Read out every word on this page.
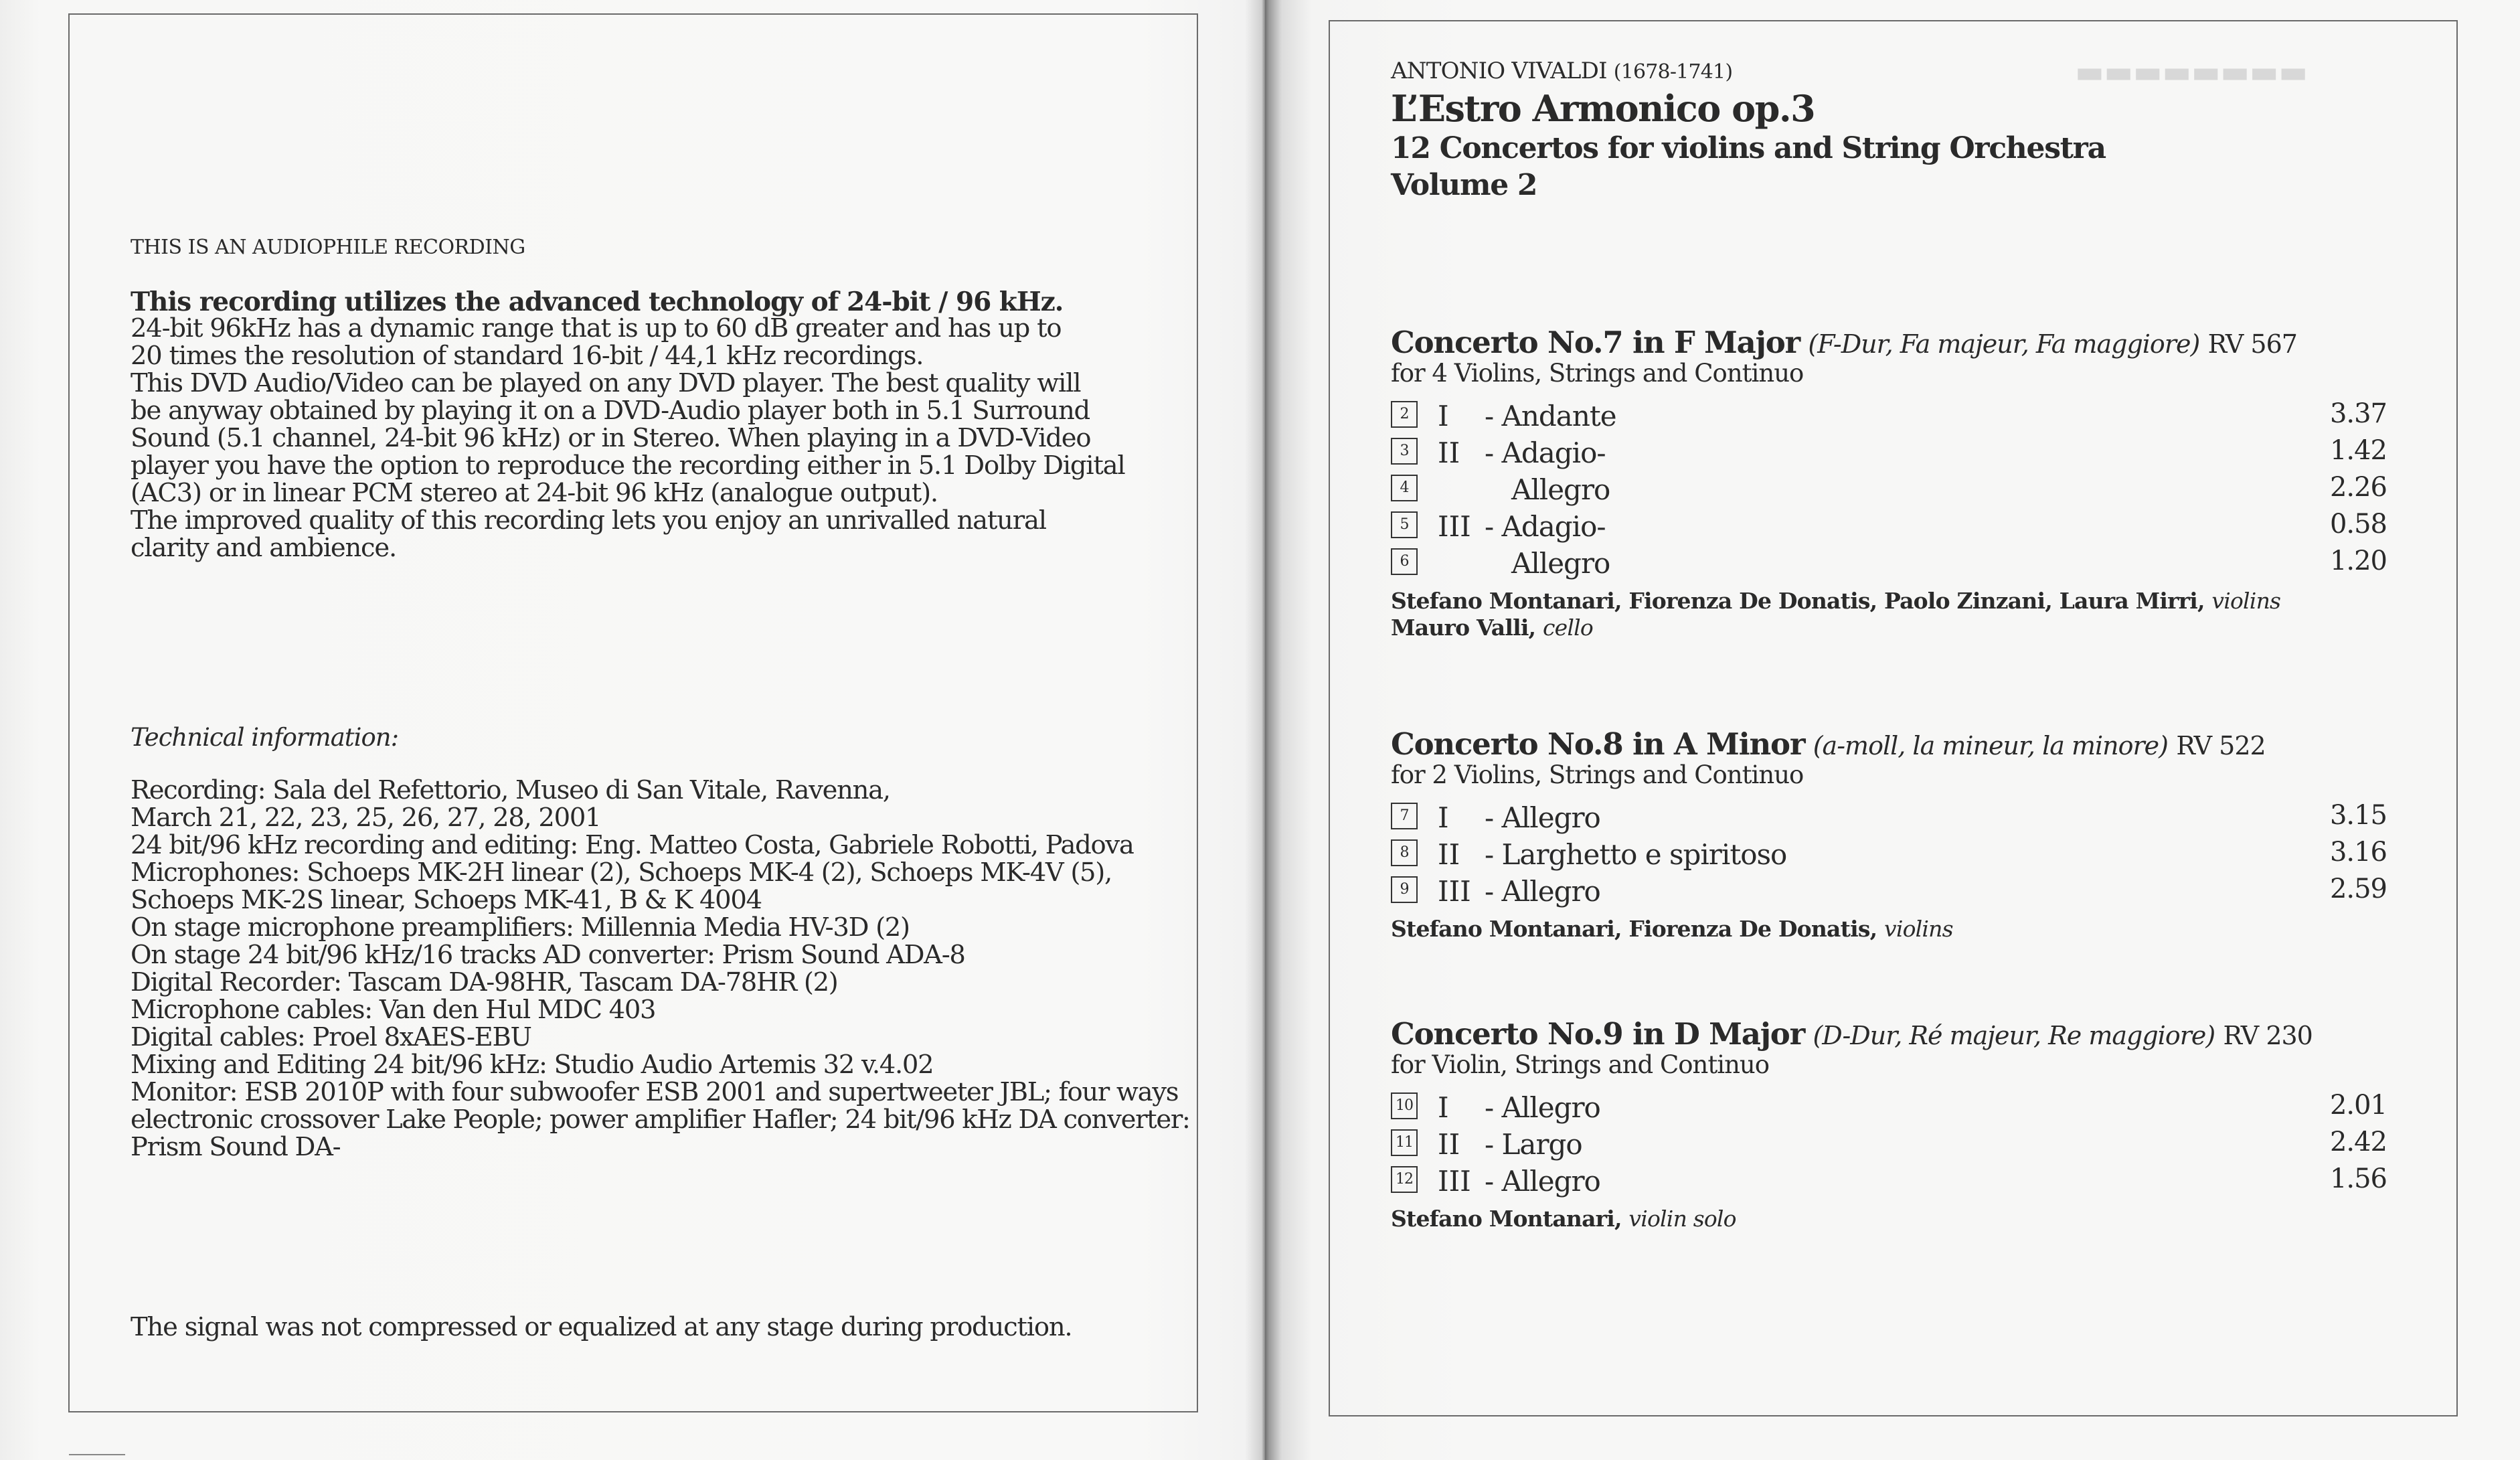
▬▬▬▬▬▬▬▬
THIS IS AN AUDIOPHILE RECORDING
This recording utilizes the advanced technology of 24-bit / 96 kHz.
24-bit 96kHz has a dynamic range that is up to 60 dB greater and has up to
20 times the resolution of standard 16-bit / 44,1 kHz recordings.
This DVD Audio/Video can be played on any DVD player. The best quality will
be anyway obtained by playing it on a DVD-Audio player both in 5.1 Surround
Sound (5.1 channel, 24-bit 96 kHz) or in Stereo. When playing in a DVD-Video
player you have the option to reproduce the recording either in 5.1 Dolby Digital
(AC3) or in linear PCM stereo at 24-bit 96 kHz (analogue output).
The improved quality of this recording lets you enjoy an unrivalled natural
clarity and ambience.
Technical information:
Recording: Sala del Refettorio, Museo di San Vitale, Ravenna,
March 21, 22, 23, 25, 26, 27, 28, 2001
24 bit/96 kHz recording and editing: Eng. Matteo Costa, Gabriele Robotti, Padova
Microphones: Schoeps MK-2H linear (2), Schoeps MK-4 (2), Schoeps MK-4V (5),
Schoeps MK-2S linear, Schoeps MK-41, B & K 4004
On stage microphone preamplifiers: Millennia Media HV-3D (2)
On stage 24 bit/96 kHz/16 tracks AD converter: Prism Sound ADA-8
Digital Recorder: Tascam DA-98HR, Tascam DA-78HR (2)
Microphone cables: Van den Hul MDC 403
Digital cables: Proel 8xAES-EBU
Mixing and Editing 24 bit/96 kHz: Studio Audio Artemis 32 v.4.02
Monitor: ESB 2010P with four subwoofer ESB 2001 and supertweeter JBL; four ways
electronic crossover Lake People; power amplifier Hafler; 24 bit/96 kHz DA converter:
Prism Sound DA-
The signal was not compressed or equalized at any stage during production.
ANTONIO VIVALDI (1678-1741)
L’Estro Armonico op.3
12 Concertos for violins and String Orchestra
Volume 2
Concerto No.7 in F Major (F-Dur, Fa majeur, Fa maggiore) RV 567
for 4 Violins, Strings and Continuo
2	I - Andante	3.37
3	II - Adagio-	1.42
4	Allegro	2.26
5	III - Adagio-	0.58
6	Allegro	1.20
Stefano Montanari, Fiorenza De Donatis, Paolo Zinzani, Laura Mirri, violins
Mauro Valli, cello
Concerto No.8 in A Minor (a-moll, la mineur, la minore) RV 522
for 2 Violins, Strings and Continuo
7	I - Allegro	3.15
8	II - Larghetto e spiritoso	3.16
9	III - Allegro	2.59
Stefano Montanari, Fiorenza De Donatis, violins
Concerto No.9 in D Major (D-Dur, Ré majeur, Re maggiore) RV 230
for Violin, Strings and Continuo
10 I - Allegro	2.01
11 II - Largo	2.42
12 III - Allegro	1.56
Stefano Montanari, violin solo
